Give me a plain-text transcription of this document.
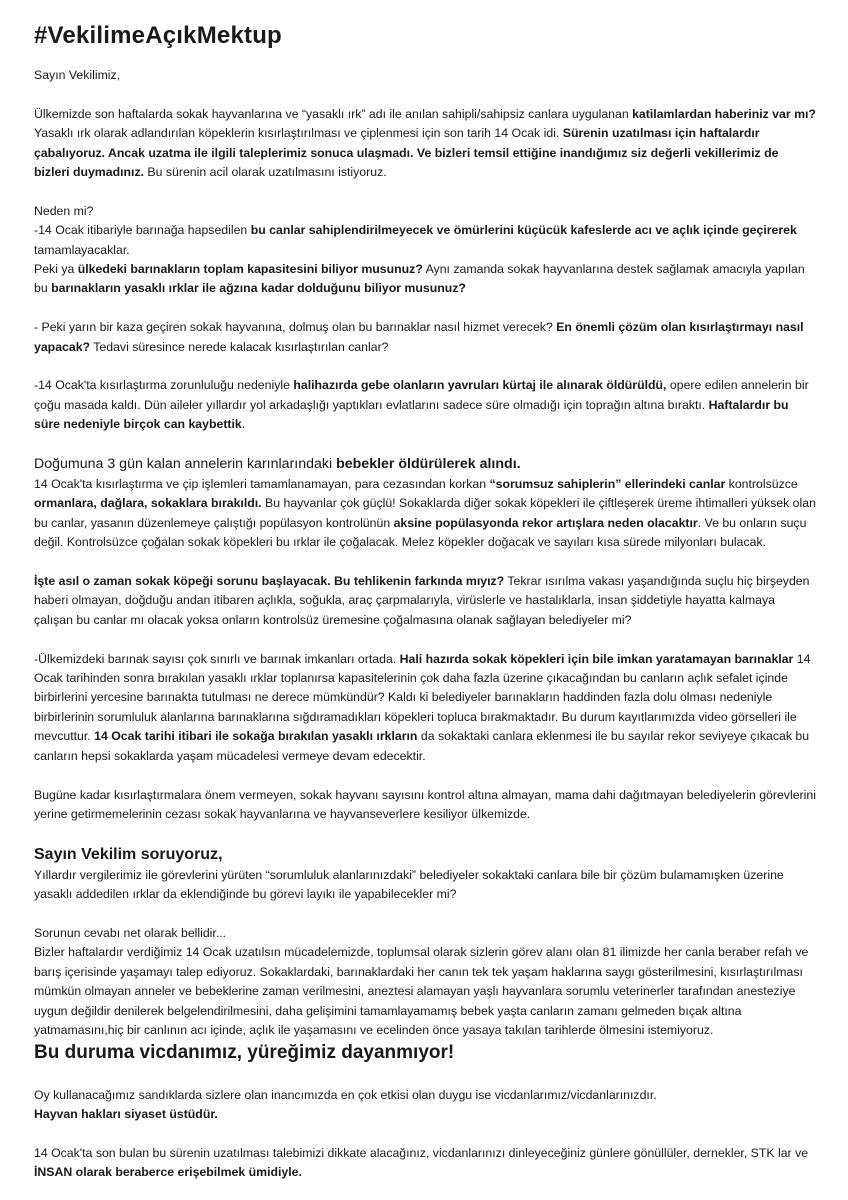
#VekilimeAçıkMektup

Sayın Vekilimiz,

Ülkemizde son haftalarda sokak hayvanlarına ve “yasaklı ırk” adı ile anılan sahipli/sahipsiz canlara uygulanan katilamlardan haberiniz var mı? Yasaklı ırk olarak adlandırılan köpeklerin kısırlaştırılması ve çiplenmesi için son tarih 14 Ocak idi. Sürenin uzatılması için haftalardır çabalıyoruz. Ancak uzatma ile ilgili taleplerimiz sonuca ulaşmadı. Ve bizleri temsil ettiğine inandığımız siz değerli vekillerimiz de bizleri duymadınız. Bu sürenin acil olarak uzatılmasını istiyoruz.

Neden mi?

-14 Ocak itibariyle barınağa hapsedilen bu canlar sahiplendirilmeyecek ve ömürlerini küçücük kafeslerde acı ve açlık içinde geçirerek tamamlayacaklar.

Peki ya ülkedeki barınakların toplam kapasitesini biliyor musunuz? Aynı zamanda sokak hayvanlarına destek sağlamak amacıyla yapılan bu barınakların yasaklı ırklar ile ağzına kadar dolduğunu biliyor musunuz?

- Peki yarın bir kaza geçiren sokak hayvanına, dolmuş olan bu barınaklar nasıl hizmet verecek? En önemli çözüm olan kısırlaştırmayı nasıl yapacak? Tedavi süresince nerede kalacak kısırlaştırılan canlar?

-14 Ocak'ta kısırlaştırma zorunluluğu nedeniyle halihazırda gebe olanların yavruları kürtaj ile alınarak öldürüldü, opere edilen annelerin bir çoğu masada kaldı. Dün aileler yıllardır yol arkadaşlığı yaptıkları evlatlarını sadece süre olmadığı için toprağın altına bıraktı. Haftalardır bu süre nedeniyle birçok can kaybettik.

Doğumuna 3 gün kalan annelerin karınlarındaki bebekler öldürülerek alındı.

14 Ocak'ta kısırlaştırma ve çip işlemleri tamamlanamayan, para cezasından korkan “sorumsuz sahiplerin” ellerindeki canlar kontrolsüzce ormanlara, dağlara, sokaklara bırakıldı. Bu hayvanlar çok güçlü! Sokaklarda diğer sokak köpekleri ile çiftleşerek üreme ihtimalleri yüksek olan bu canlar, yasanın düzenlemeye çalıştığı popülasyon kontrolünün aksine popülasyonda rekor artışlara neden olacaktır. Ve bu onların suçu değil. Kontrolsüzce çoğalan sokak köpekleri bu ırklar ile çoğalacak. Melez köpekler doğacak ve sayıları kısa sürede milyonları bulacak.

İşte asıl o zaman sokak köpeği sorunu başlayacak. Bu tehlikenin farkında mıyız? Tekrar ısırılma vakası yaşandığında suçlu hiç birşeyden haberi olmayan, doğduğu andan itibaren açlıkla, soğukla, araç çarpmalarıyla, virüslerle ve hastalıklarla, insan şiddetiyle hayatta kalmaya çalışan bu canlar mı olacak yoksa onların kontrolsüz üremesine çoğalmasına olanak sağlayan belediyeler mi?

-Ülkemizdeki barınak sayısı çok sınırlı ve barınak imkanları ortada. Hali hazırda sokak köpekleri için bile imkan yaratamayan barınaklar 14 Ocak tarihinden sonra bırakılan yasaklı ırklar toplanırsa kapasitelerinin çok daha fazla üzerine çıkacağından bu canların açlık sefalet içinde birbirlerini yercesine barınakta tutulması ne derece mümkündür? Kaldı ki belediyeler barınakların haddinden fazla dolu olması nedeniyle birbirlerinin sorumluluk alanlarına barınaklarına sığdıramadıkları köpekleri topluca bırakmaktadır. Bu durum kayıtlarımızda video görselleri ile mevcuttur. 14 Ocak tarihi itibari ile sokağa bırakılan yasaklı ırkların da sokaktaki canlara eklenmesi ile bu sayılar rekor seviyeye çıkacak bu canların hepsi sokaklarda yaşam mücadelesi vermeye devam edecektir.

Bugüne kadar kısırlaştırmalara önem vermeyen, sokak hayvanı sayısını kontrol altına almayan, mama dahi dağıtmayan belediyelerin görevlerini yerine getirmemelerinin cezası sokak hayvanlarına ve hayvanseverlere kesiliyor ülkemizde.

Sayın Vekilim soruyoruz,

Yıllardır vergilerimiz ile görevlerini yürüten “sorumluluk alanlarınızdaki” belediyeler sokaktaki canlara bile bir çözüm bulamamışken üzerine yasaklı addedilen ırklar da eklendiğinde bu görevi layıkı ile yapabilecekler mi?

Sorunun cevabı net olarak bellidir...

Bizler haftalardır verdiğimiz 14 Ocak uzatılsın mücadelemizde, toplumsal olarak sizlerin görev alanı olan 81 ilimizde her canla beraber refah ve barış içerisinde yaşamayı talep ediyoruz. Sokaklardaki, barınaklardaki her canın tek tek yaşam haklarına saygı gösterilmesini, kısırlaştırılması mümkün olmayan anneler ve bebeklerine zaman verilmesini, aneztesi alamayan yaşlı hayvanlara sorumlu veterinerler tarafından anesteziye uygun değildir denilerek belgelendirilmesini, daha gelişimini tamamlayamamış bebek yaşta canların zamanı gelmeden bıçak altına yatmamasını,hiç bir canlının acı içinde, açlık ile yaşamasını ve ecelinden önce yasaya takılan tarihlerde ölmesini istemiyoruz.

Bu duruma vicdanımız, yüreğimiz dayanmıyor!

Oy kullanacağımız sandıklarda sizlere olan inancımızda en çok etkisi olan duygu ise vicdanlarımız/vicdanlarınızdır.

Hayvan hakları siyaset üstüdür.

14 Ocak'ta son bulan bu sürenin uzatılması talebimizi dikkate alacağınız, vicdanlarınızı dinleyeceğiniz günlere gönüllüler, dernekler, STK lar ve İNSAN olarak beraberce erişebilmek ümidiyle.
